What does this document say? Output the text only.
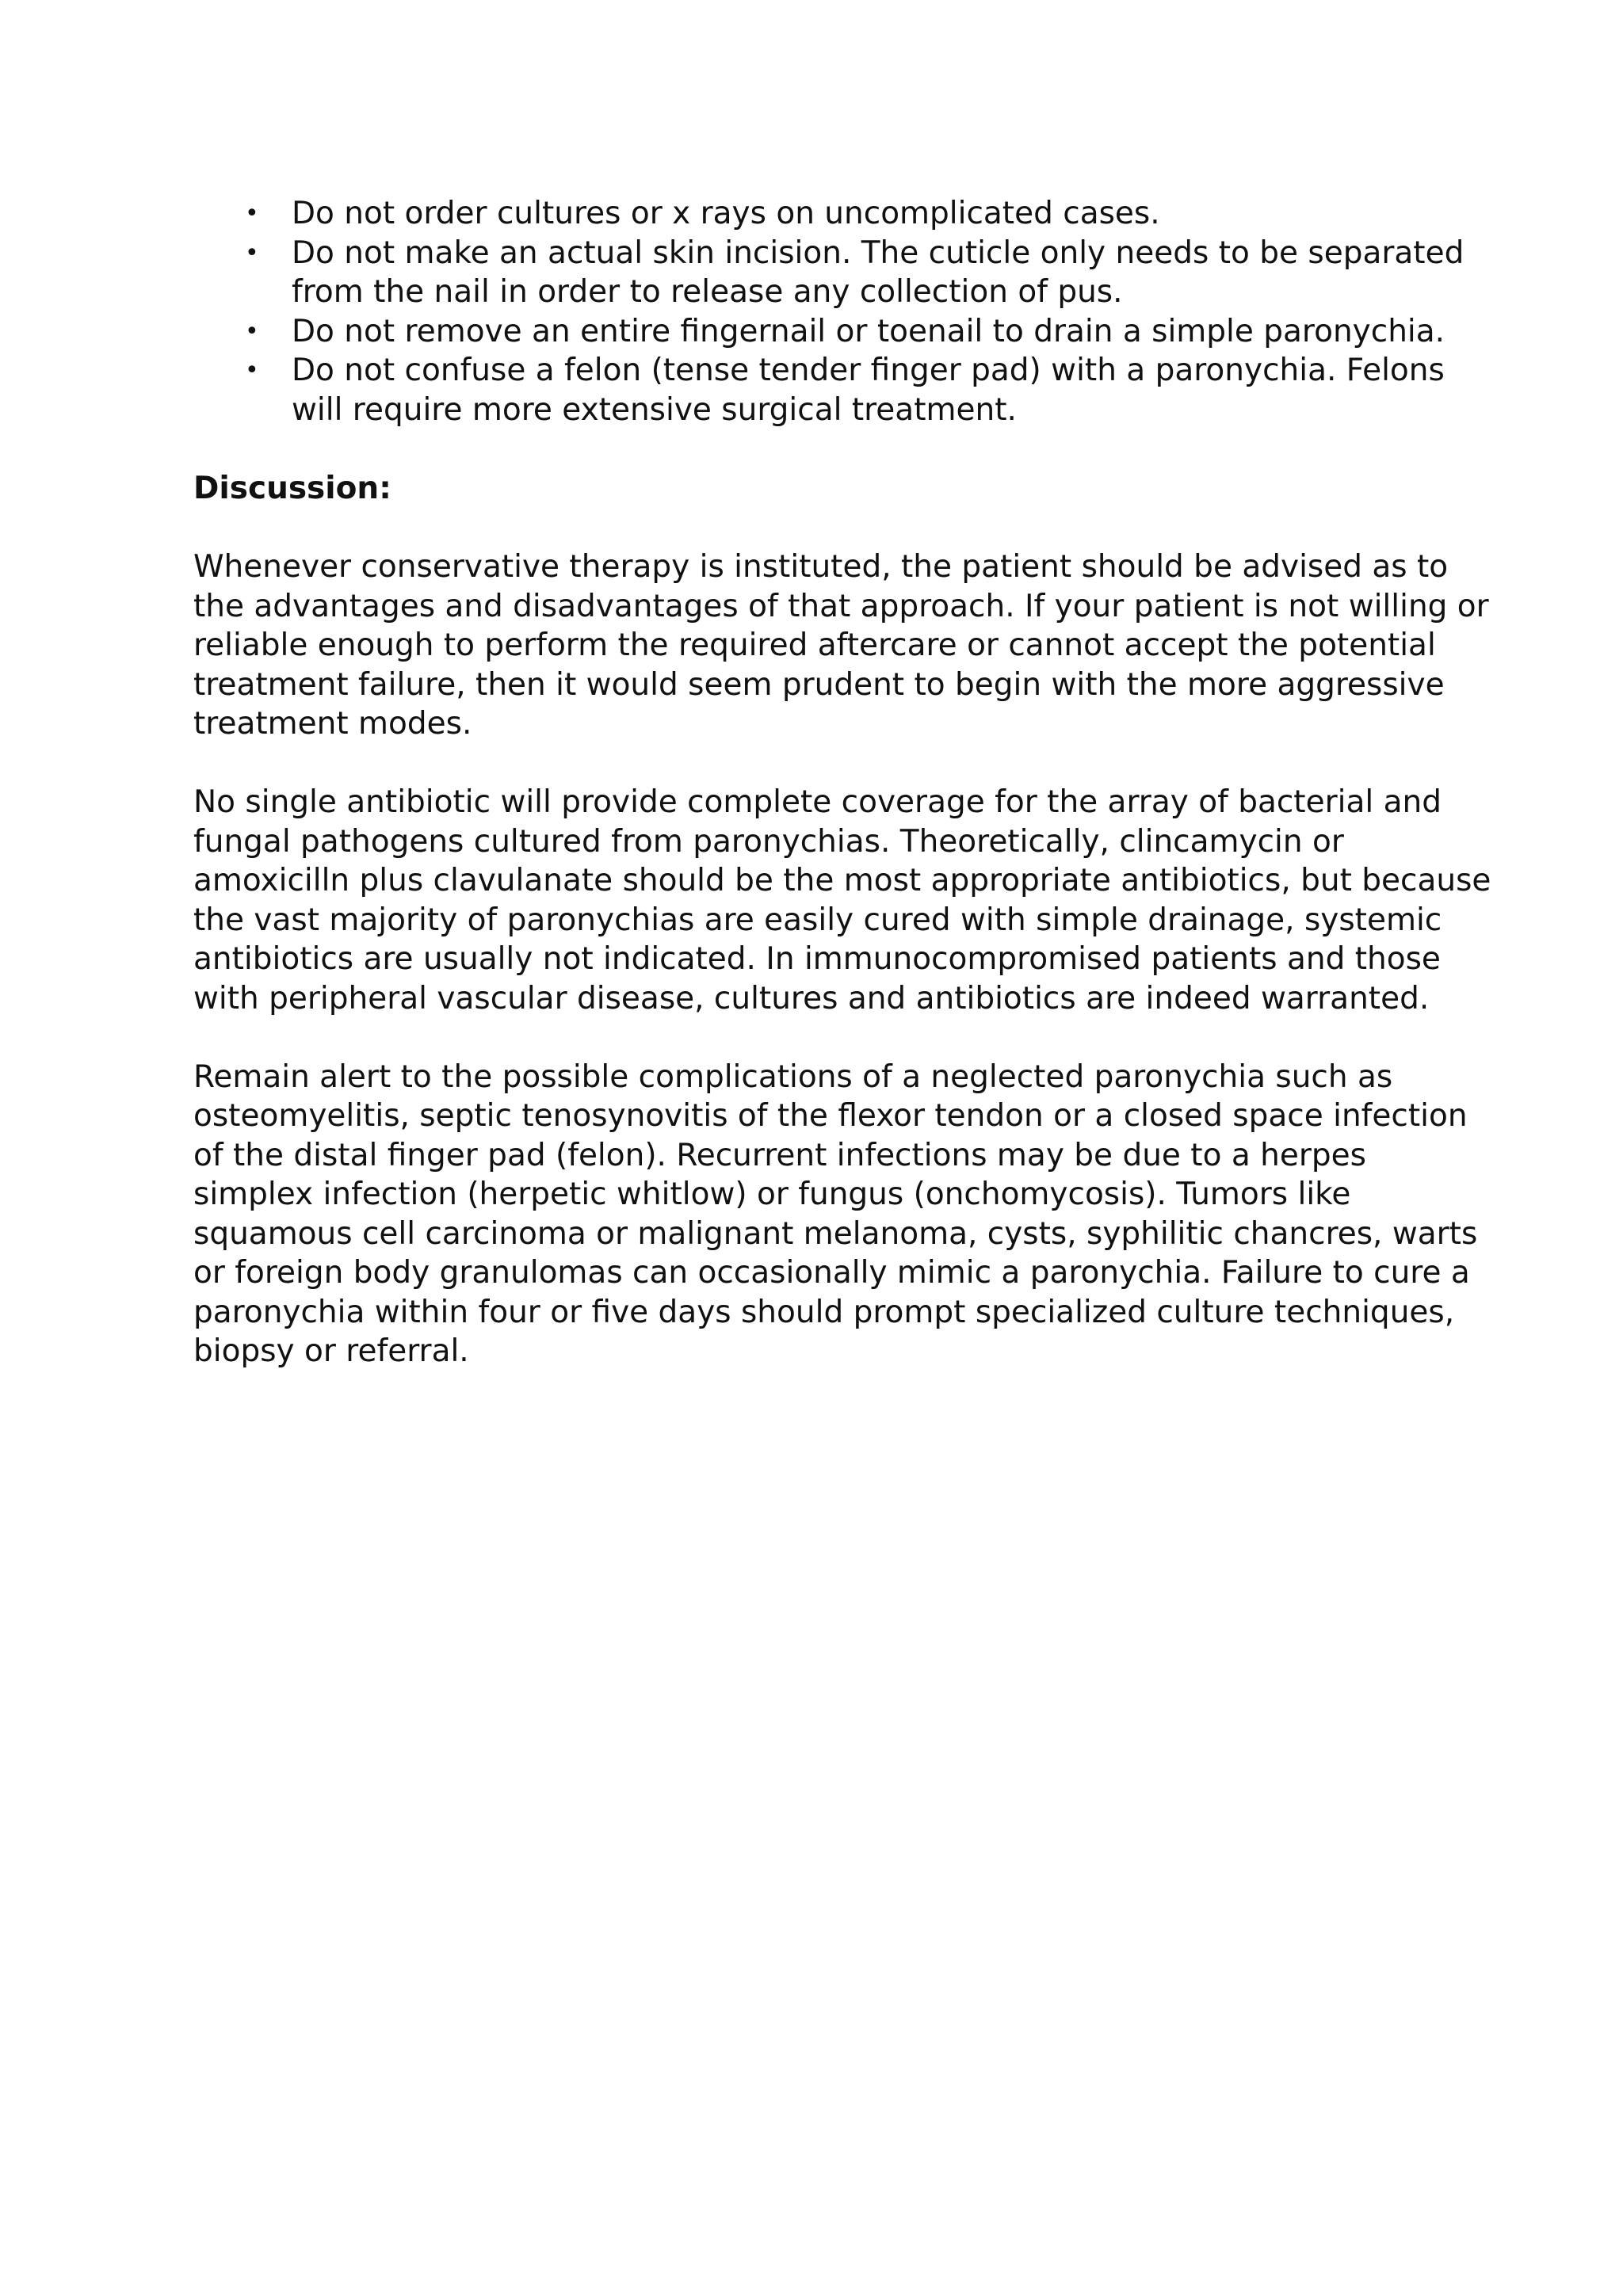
• Do not order cultures or x rays on uncomplicated cases.
• Do not make an actual skin incision. The cuticle only needs to be separated from the nail in order to release any collection of pus.
• Do not remove an entire fingernail or toenail to drain a simple paronychia.
• Do not confuse a felon (tense tender finger pad) with a paronychia. Felons will require more extensive surgical treatment.
Discussion:

Whenever conservative therapy is instituted, the patient should be advised as to the advantages and disadvantages of that approach. If your patient is not willing or reliable enough to perform the required aftercare or cannot accept the potential treatment failure, then it would seem prudent to begin with the more aggressive treatment modes.

No single antibiotic will provide complete coverage for the array of bacterial and fungal pathogens cultured from paronychias. Theoretically, clincamycin or amoxicilln plus clavulanate should be the most appropriate antibiotics, but because the vast majority of paronychias are easily cured with simple drainage, systemic antibiotics are usually not indicated. In immunocompromised patients and those with peripheral vascular disease, cultures and antibiotics are indeed warranted.

Remain alert to the possible complications of a neglected paronychia such as osteomyelitis, septic tenosynovitis of the flexor tendon or a closed space infection of the distal finger pad (felon). Recurrent infections may be due to a herpes simplex infection (herpetic whitlow) or fungus (onchomycosis). Tumors like squamous cell carcinoma or malignant melanoma, cysts, syphilitic chancres, warts or foreign body granulomas can occasionally mimic a paronychia. Failure to cure a paronychia within four or five days should prompt specialized culture techniques, biopsy or referral.
